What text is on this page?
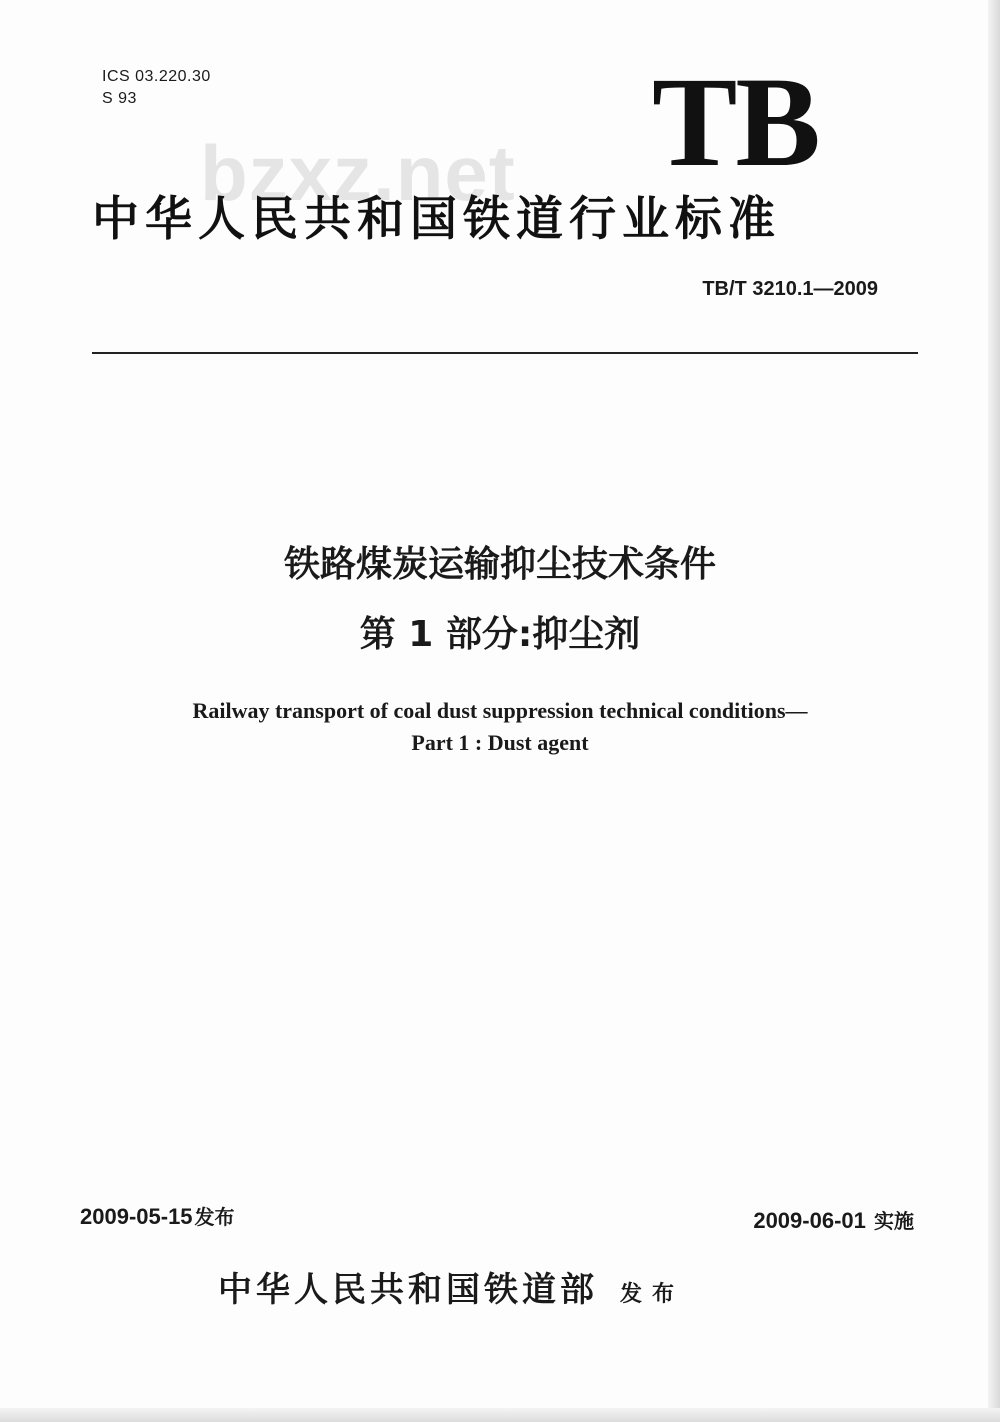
ICS 03.220.30
S 93	TB
bzxz.net
中华人民共和国铁道行业标准
TB/T 3210.1—2009
铁路煤炭运输抑尘技术条件
第 1 部分:抑尘剂
Railway transport of coal dust suppression technical conditions—
Part 1 : Dust agent
2009-05-15 发布	2009-06-01 实施
中华人民共和国铁道部 发布
